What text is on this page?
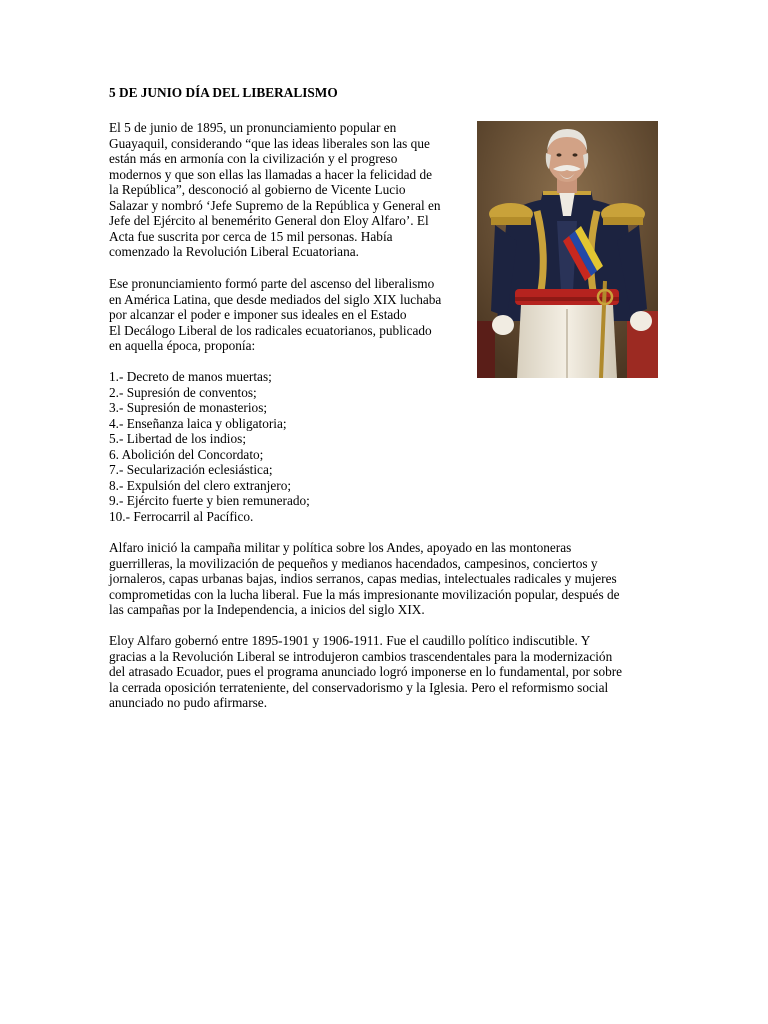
5 DE JUNIO DÍA DEL LIBERALISMO
El 5 de junio de 1895, un pronunciamiento popular en
Guayaquil, considerando “que las ideas liberales son las que
están más en armonía con la civilización y el progreso
modernos y que son ellas las llamadas a hacer la felicidad de
la República”, desconoció al gobierno de Vicente Lucio
Salazar y nombró ‘Jefe Supremo de la República y General en
Jefe del Ejército al benemérito General don Eloy Alfaro’. El
Acta fue suscrita por cerca de 15 mil personas. Había
comenzado la Revolución Liberal Ecuatoriana.
Ese pronunciamiento formó parte del ascenso del liberalismo
en América Latina, que desde mediados del siglo XIX luchaba
por alcanzar el poder e imponer sus ideales en el Estado
El Decálogo Liberal de los radicales ecuatorianos, publicado
en aquella época, proponía:
1.- Decreto de manos muertas;
2.- Supresión de conventos;
3.- Supresión de monasterios;
4.- Enseñanza laica y obligatoria;
5.- Libertad de los indios;
6. Abolición del Concordato;
7.- Secularización eclesiástica;
8.- Expulsión del clero extranjero;
9.- Ejército fuerte y bien remunerado;
10.- Ferrocarril al Pacífico.
Alfaro inició la campaña militar y política sobre los Andes, apoyado en las montoneras
guerrilleras, la movilización de pequeños y medianos hacendados, campesinos, conciertos y
jornaleros, capas urbanas bajas, indios serranos, capas medias, intelectuales radicales y mujeres
comprometidas con la lucha liberal. Fue la más impresionante movilización popular, después de
las campañas por la Independencia, a inicios del siglo XIX.
Eloy Alfaro gobernó entre 1895-1901 y 1906-1911. Fue el caudillo político indiscutible. Y
gracias a la Revolución Liberal se introdujeron cambios trascendentales para la modernización
del atrasado Ecuador, pues el programa anunciado logró imponerse en lo fundamental, por sobre
la cerrada oposición terrateniente, del conservadorismo y la Iglesia. Pero el reformismo social
anunciado no pudo afirmarse.
